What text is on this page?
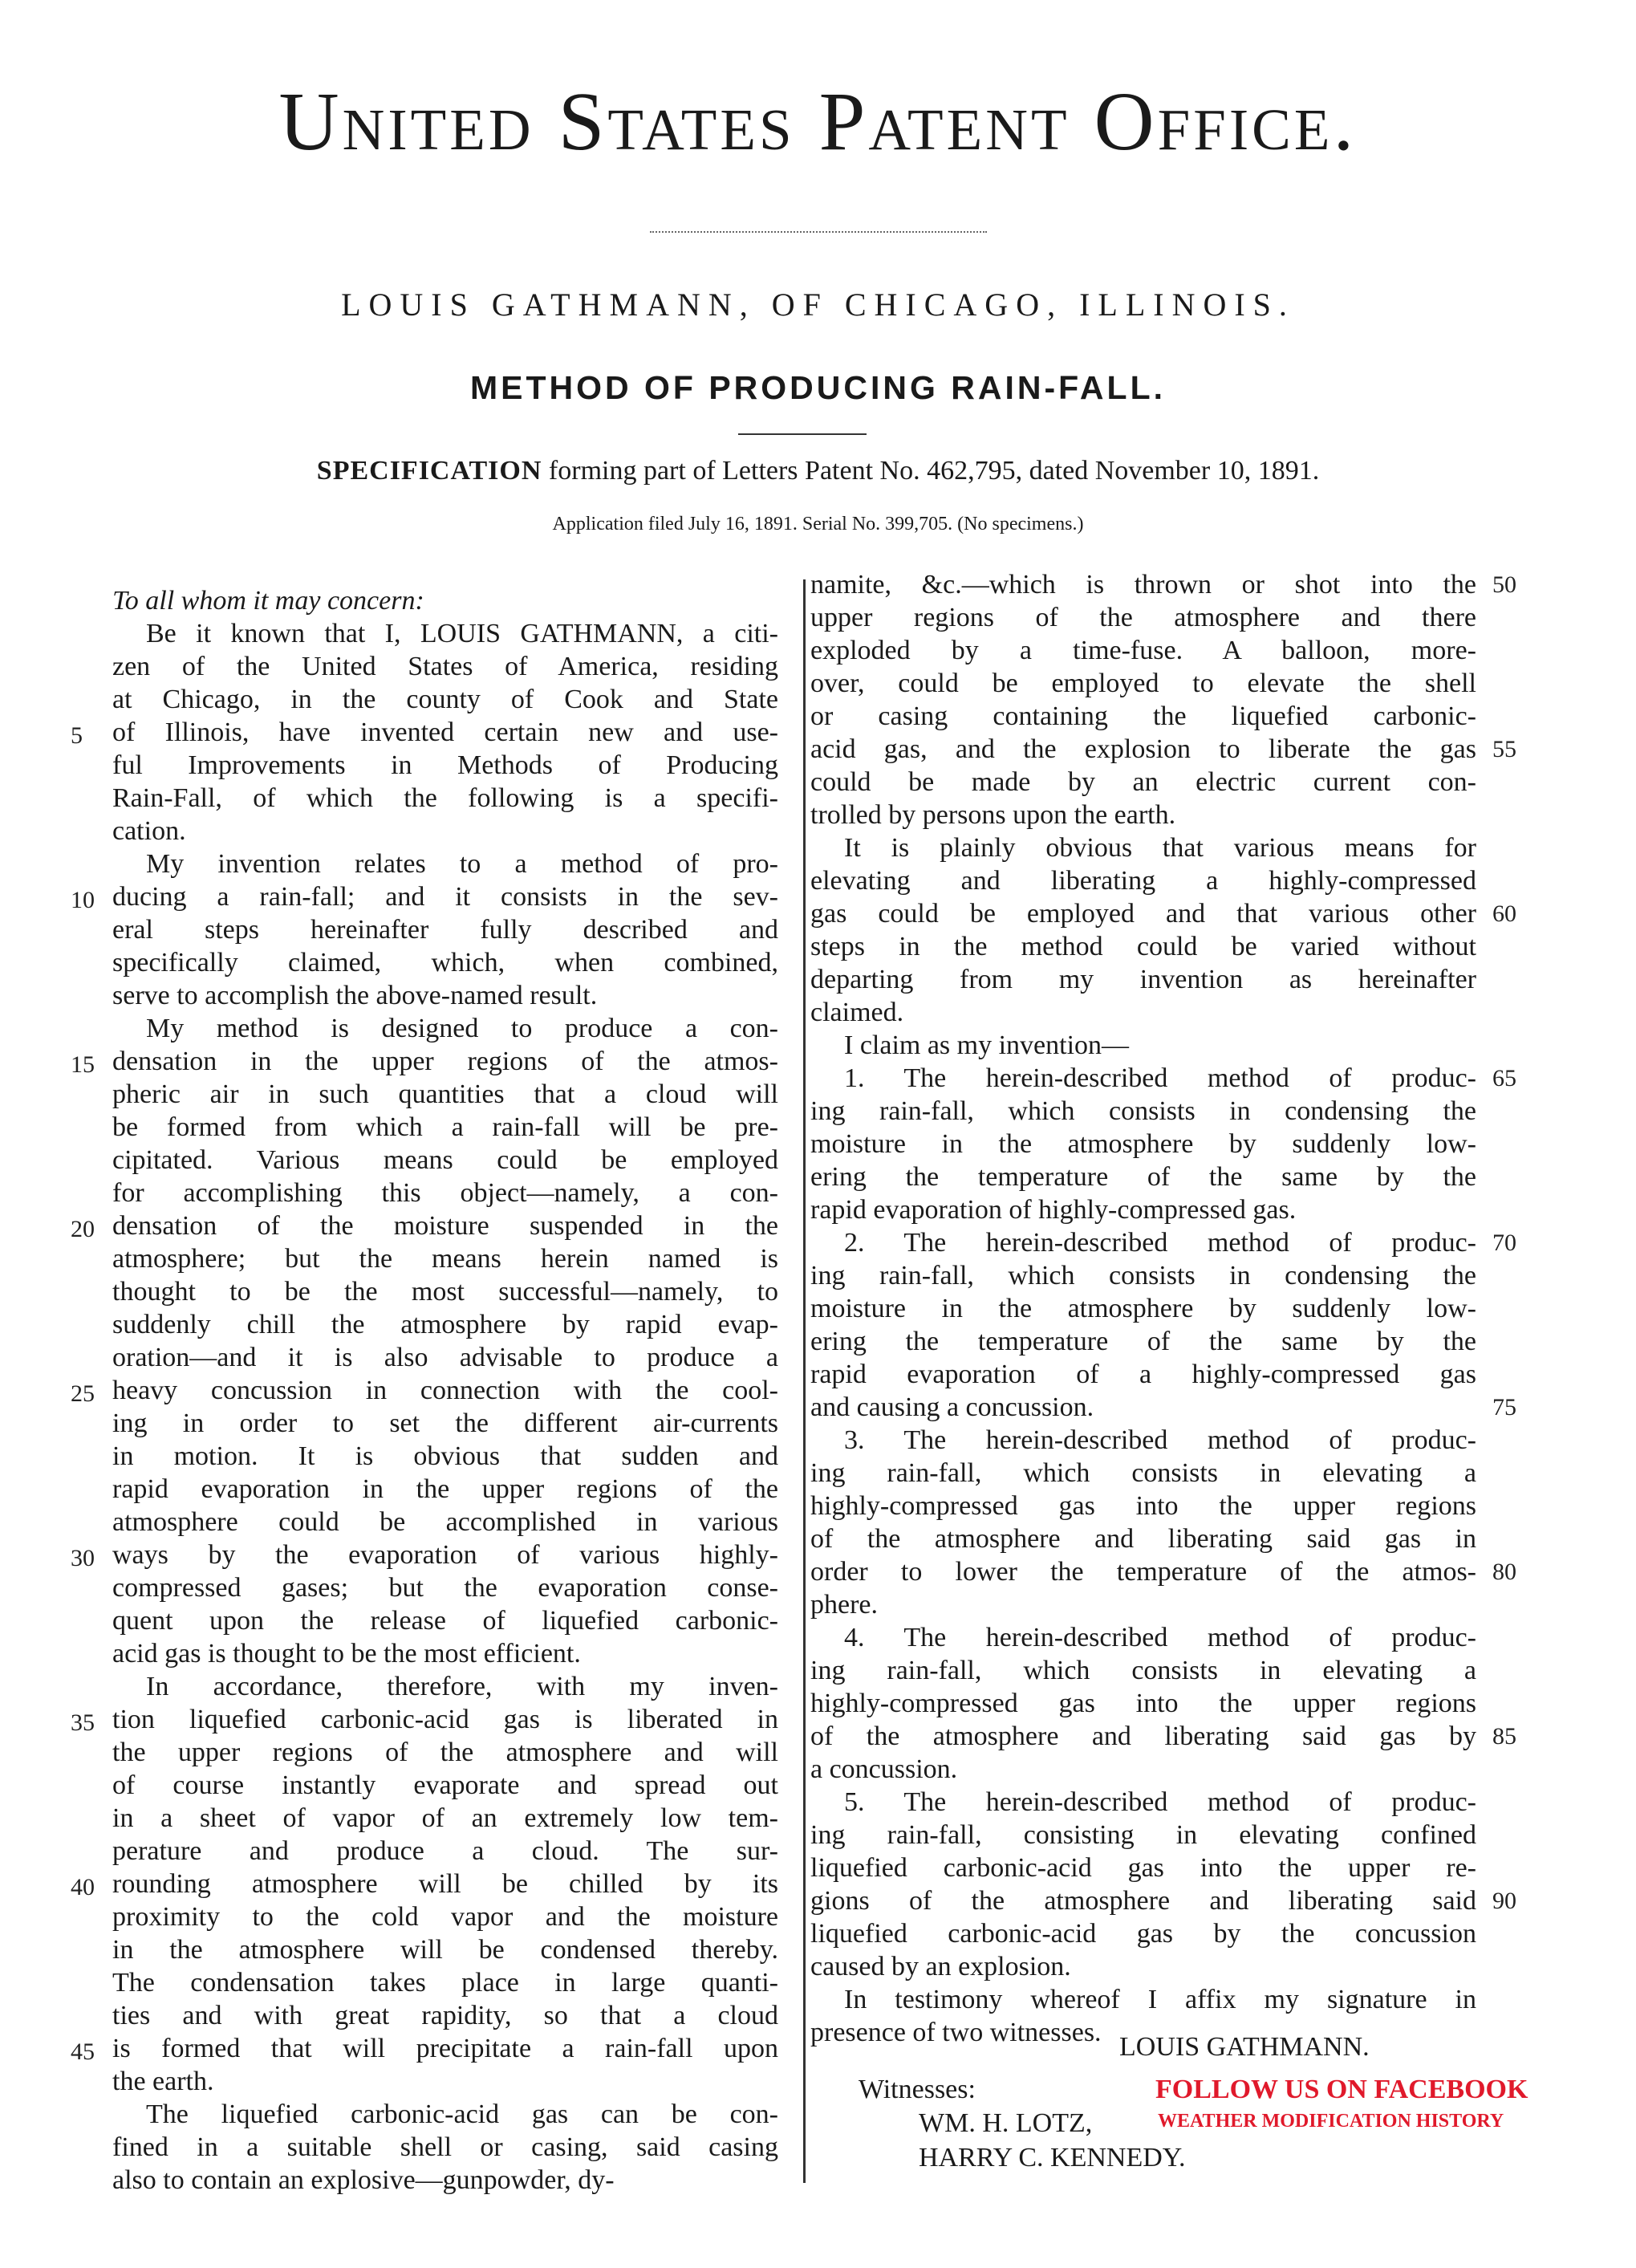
United States Patent Office.
LOUIS GATHMANN, OF CHICAGO, ILLINOIS.
METHOD OF PRODUCING RAIN-FALL.
SPECIFICATION forming part of Letters Patent No. 462,795, dated November 10, 1891.
Application filed July 16, 1891. Serial No. 399,705. (No specimens.)
To all whom it may concern:
Be it known that I, LOUIS GATHMANN, a citi-
zen of the United States of America, residing
at Chicago, in the county of Cook and State
of Illinois, have invented certain new and use-
ful Improvements in Methods of Producing
Rain-Fall, of which the following is a specifi-
cation.
My invention relates to a method of pro-
ducing a rain-fall; and it consists in the sev-
eral steps hereinafter fully described and
specifically claimed, which, when combined,
serve to accomplish the above-named result.
My method is designed to produce a con-
densation in the upper regions of the atmos-
pheric air in such quantities that a cloud will
be formed from which a rain-fall will be pre-
cipitated. Various means could be employed
for accomplishing this object—namely, a con-
densation of the moisture suspended in the
atmosphere; but the means herein named is
thought to be the most successful—namely, to
suddenly chill the atmosphere by rapid evap-
oration—and it is also advisable to produce a
heavy concussion in connection with the cool-
ing in order to set the different air-currents
in motion. It is obvious that sudden and
rapid evaporation in the upper regions of the
atmosphere could be accomplished in various
ways by the evaporation of various highly-
compressed gases; but the evaporation conse-
quent upon the release of liquefied carbonic-
acid gas is thought to be the most efficient.
In accordance, therefore, with my inven-
tion liquefied carbonic-acid gas is liberated in
the upper regions of the atmosphere and will
of course instantly evaporate and spread out
in a sheet of vapor of an extremely low tem-
perature and produce a cloud. The sur-
rounding atmosphere will be chilled by its
proximity to the cold vapor and the moisture
in the atmosphere will be condensed thereby.
The condensation takes place in large quanti-
ties and with great rapidity, so that a cloud
is formed that will precipitate a rain-fall upon
the earth.
The liquefied carbonic-acid gas can be con-
fined in a suitable shell or casing, said casing
also to contain an explosive—gunpowder, dy-
namite, &c.—which is thrown or shot into the
upper regions of the atmosphere and there
exploded by a time-fuse. A balloon, more-
over, could be employed to elevate the shell
or casing containing the liquefied carbonic-
acid gas, and the explosion to liberate the gas
could be made by an electric current con-
trolled by persons upon the earth.
It is plainly obvious that various means for
elevating and liberating a highly-compressed
gas could be employed and that various other
steps in the method could be varied without
departing from my invention as hereinafter
claimed.
I claim as my invention—
1. The herein-described method of produc-
ing rain-fall, which consists in condensing the
moisture in the atmosphere by suddenly low-
ering the temperature of the same by the
rapid evaporation of highly-compressed gas.
2. The herein-described method of produc-
ing rain-fall, which consists in condensing the
moisture in the atmosphere by suddenly low-
ering the temperature of the same by the
rapid evaporation of a highly-compressed gas
and causing a concussion.
3. The herein-described method of produc-
ing rain-fall, which consists in elevating a
highly-compressed gas into the upper regions
of the atmosphere and liberating said gas in
order to lower the temperature of the atmos-
phere.
4. The herein-described method of produc-
ing rain-fall, which consists in elevating a
highly-compressed gas into the upper regions
of the atmosphere and liberating said gas by
a concussion.
5. The herein-described method of produc-
ing rain-fall, consisting in elevating confined
liquefied carbonic-acid gas into the upper re-
gions of the atmosphere and liberating said
liquefied carbonic-acid gas by the concussion
caused by an explosion.
In testimony whereof I affix my signature in
presence of two witnesses.
5
10
15
20
25
30
35
40
45
50
55
60
65
70
75
80
85
90
LOUIS GATHMANN.
Witnesses:
WM. H. LOTZ,
HARRY C. KENNEDY.
FOLLOW US ON FACEBOOK
WEATHER MODIFICATION HISTORY
